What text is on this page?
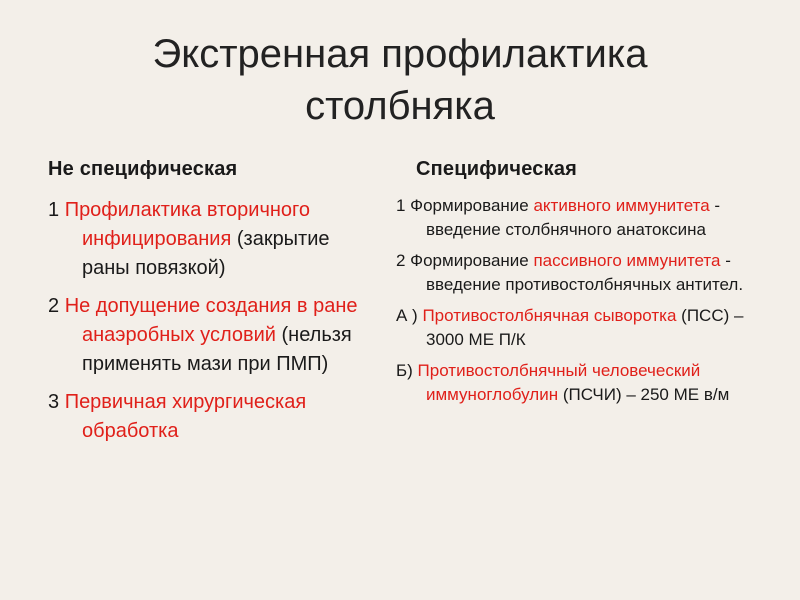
Экстренная профилактика
столбняка
Не специфическая	Специфическая
1 Профилактика вторичного инфицирования (закрытие раны повязкой)
2 Не допущение создания в ране анаэробных условий (нельзя применять мази при ПМП)
3 Первичная хирургическая обработка
1 Формирование активного иммунитета - введение столбнячного анатоксина
2 Формирование пассивного иммунитета - введение противостолбнячных антител.
А ) Противостолбнячная сыворотка (ПСС) – 3000 МЕ П/К
Б) Противостолбнячный человеческий иммуноглобулин (ПСЧИ) – 250 МЕ в/м
